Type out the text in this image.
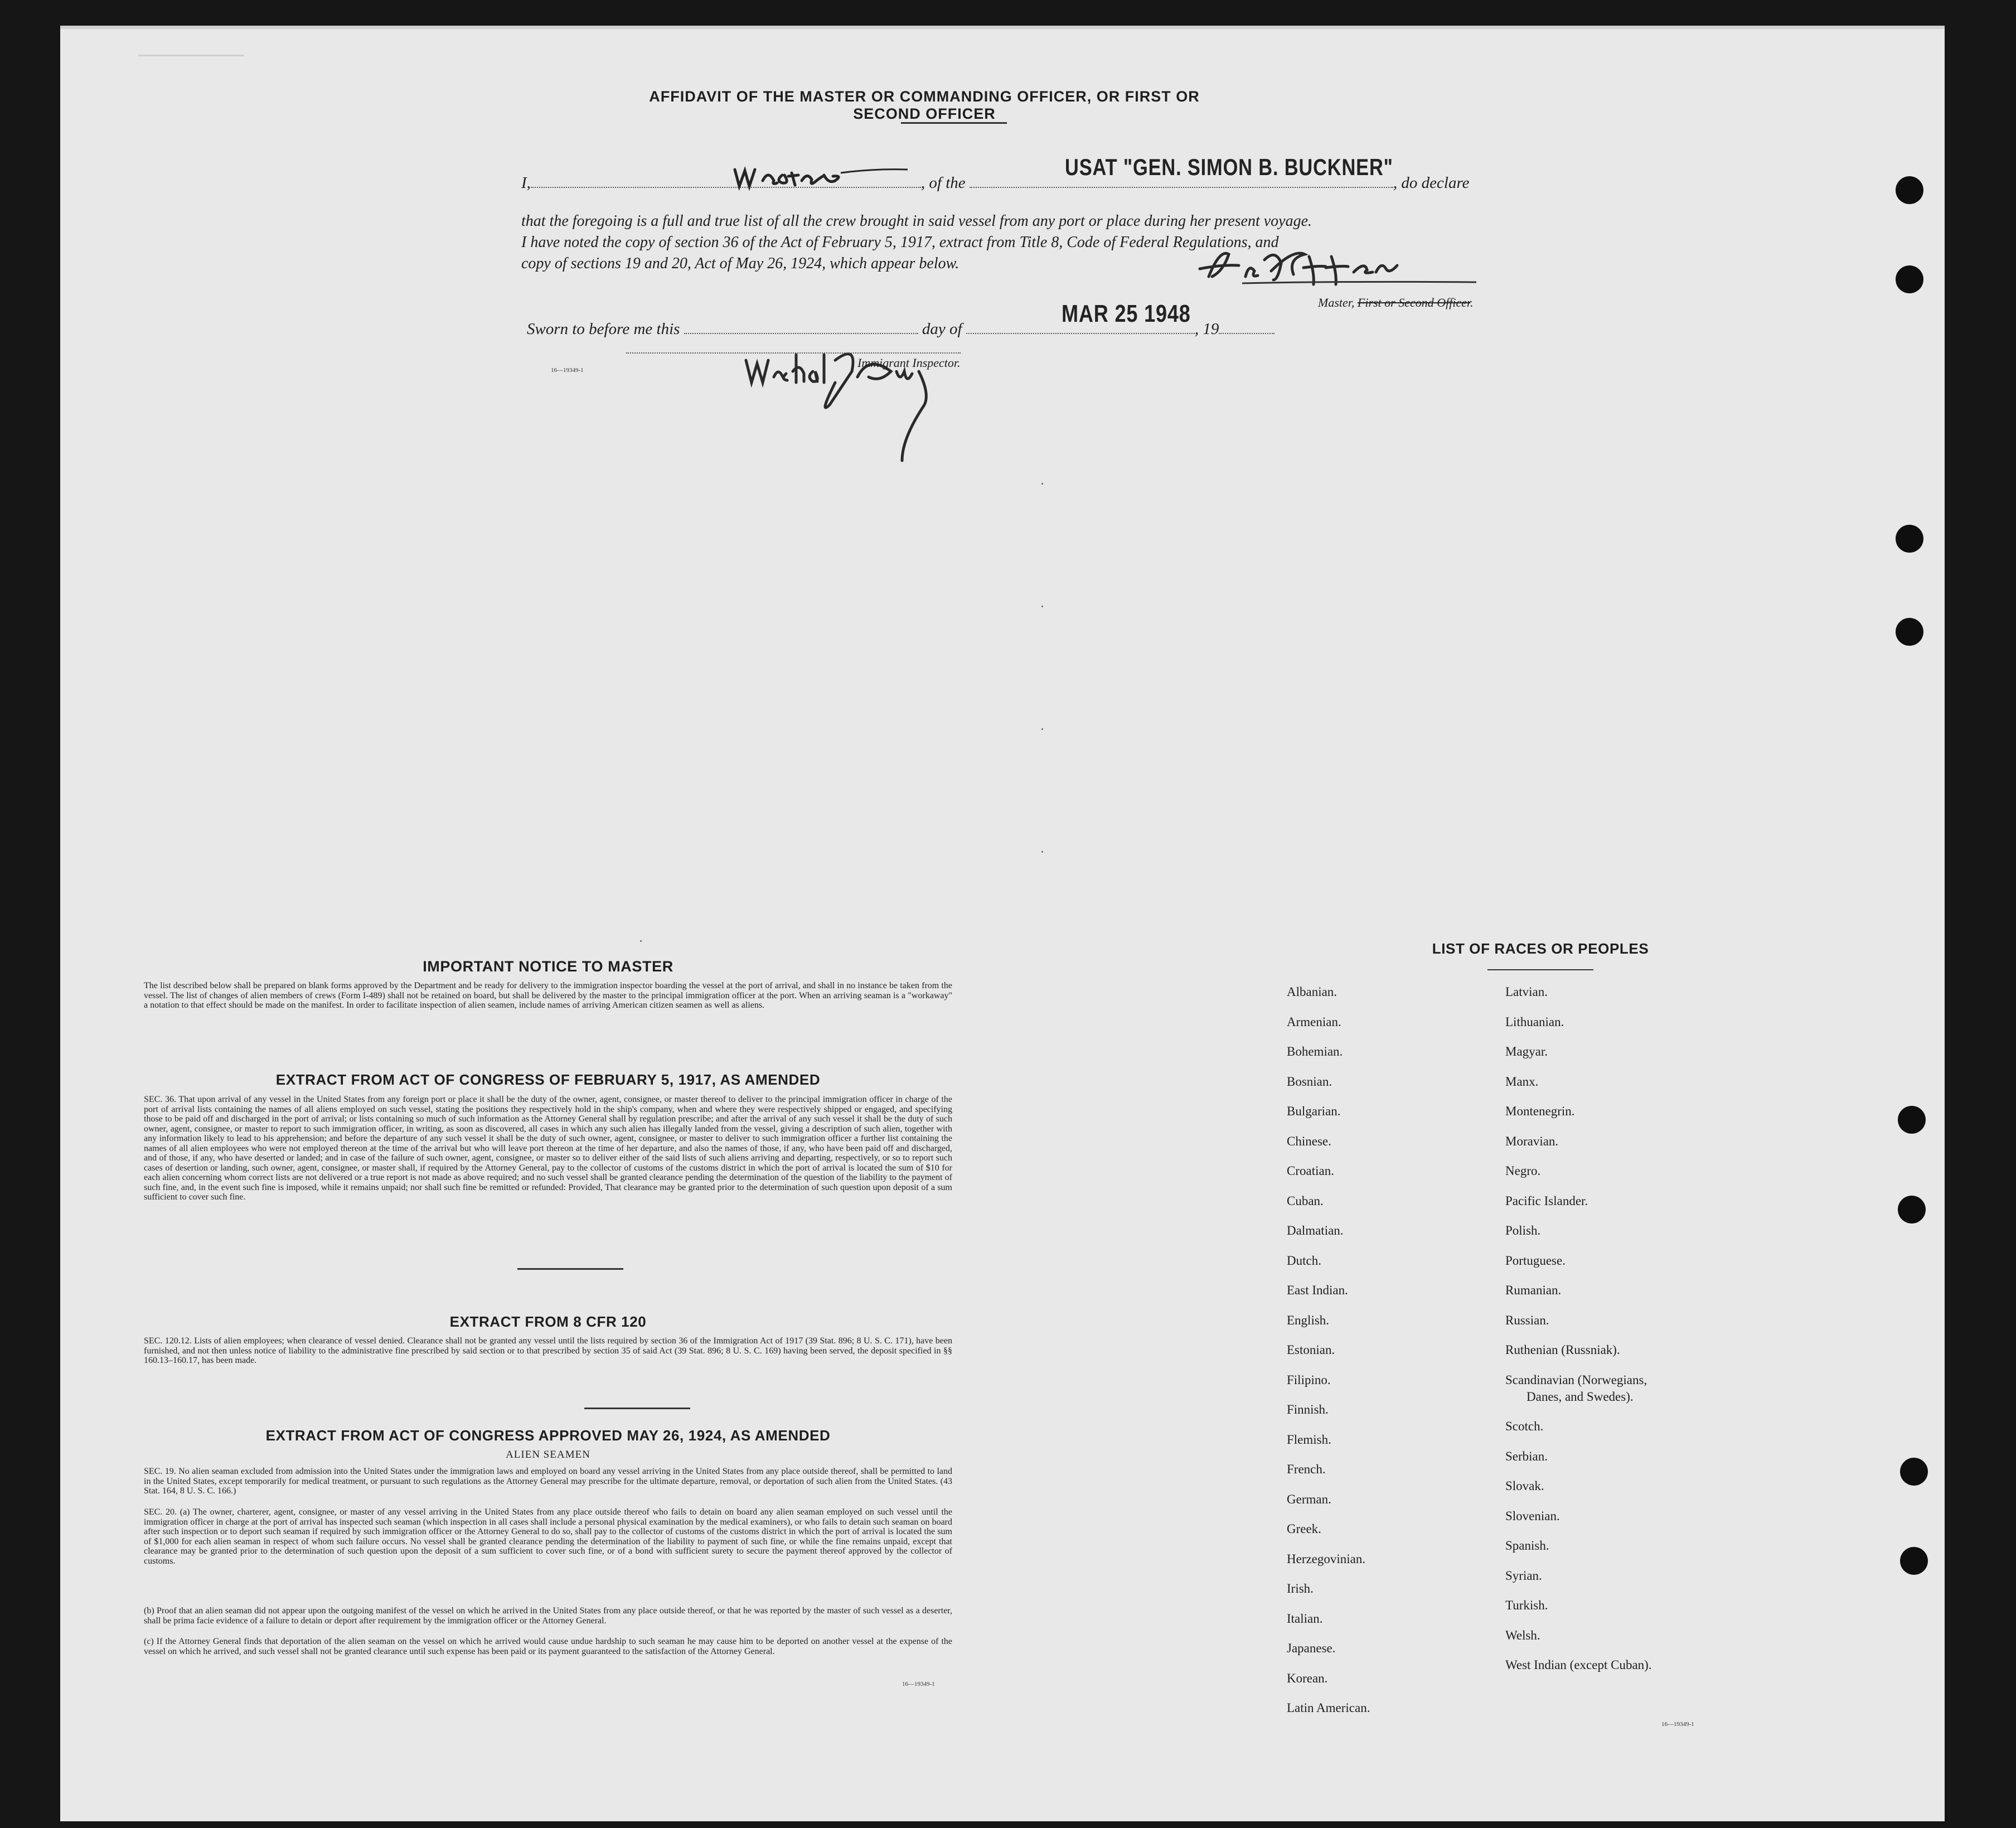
AFFIDAVIT OF THE MASTER OR COMMANDING OFFICER, OR FIRST OR SECOND OFFICER
I,	, of the	, do declare
USAT "GEN. SIMON B. BUCKNER"

that the foregoing is a full and true list of all the crew brought in said vessel from any port or place during her present voyage.

I have noted the copy of section 36 of the Act of February 5, 1917, extract from Title 8, Code of Federal Regulations, and

copy of sections 19 and 20, Act of May 26, 1924, which appear below.

Master, First or Second Officer.
Sworn to before me this	day of	, 19
MAR 25 1948
16—19349-1
Immigrant Inspector.
IMPORTANT NOTICE TO MASTER

The list described below shall be prepared on blank forms approved by the Department and be ready for delivery to the immigration inspector boarding the vessel at the port of arrival, and shall in no instance be taken from the vessel. The list of changes of alien members of crews (Form I-489) shall not be retained on board, but shall be delivered by the master to the principal immigration officer at the port. When an arriving seaman is a "workaway" a notation to that effect should be made on the manifest. In order to facilitate inspection of alien seamen, include names of arriving American citizen seamen as well as aliens.

EXTRACT FROM ACT OF CONGRESS OF FEBRUARY 5, 1917, AS AMENDED

SEC. 36. That upon arrival of any vessel in the United States from any foreign port or place it shall be the duty of the owner, agent, consignee, or master thereof to deliver to the principal immigration officer in charge of the port of arrival lists containing the names of all aliens employed on such vessel, stating the positions they respectively hold in the ship's company, when and where they were respectively shipped or engaged, and specifying those to be paid off and discharged in the port of arrival; or lists containing so much of such information as the Attorney General shall by regulation prescribe; and after the arrival of any such vessel it shall be the duty of such owner, agent, consignee, or master to report to such immigration officer, in writing, as soon as discovered, all cases in which any such alien has illegally landed from the vessel, giving a description of such alien, together with any information likely to lead to his apprehension; and before the departure of any such vessel it shall be the duty of such owner, agent, consignee, or master to deliver to such immigration officer a further list containing the names of all alien employees who were not employed thereon at the time of the arrival but who will leave port thereon at the time of her departure, and also the names of those, if any, who have been paid off and discharged, and of those, if any, who have deserted or landed; and in case of the failure of such owner, agent, consignee, or master so to deliver either of the said lists of such aliens arriving and departing, respectively, or so to report such cases of desertion or landing, such owner, agent, consignee, or master shall, if required by the Attorney General, pay to the collector of customs of the customs district in which the port of arrival is located the sum of $10 for each alien concerning whom correct lists are not delivered or a true report is not made as above required; and no such vessel shall be granted clearance pending the determination of the question of the liability to the payment of such fine, and, in the event such fine is imposed, while it remains unpaid; nor shall such fine be remitted or refunded: Provided, That clearance may be granted prior to the determination of such question upon deposit of a sum sufficient to cover such fine.

EXTRACT FROM 8 CFR 120

SEC. 120.12. Lists of alien employees; when clearance of vessel denied. Clearance shall not be granted any vessel until the lists required by section 36 of the Immigration Act of 1917 (39 Stat. 896; 8 U. S. C. 171), have been furnished, and not then unless notice of liability to the administrative fine prescribed by said section or to that prescribed by section 35 of said Act (39 Stat. 896; 8 U. S. C. 169) having been served, the deposit specified in §§ 160.13–160.17, has been made.

EXTRACT FROM ACT OF CONGRESS APPROVED MAY 26, 1924, AS AMENDED
ALIEN SEAMEN

SEC. 19. No alien seaman excluded from admission into the United States under the immigration laws and employed on board any vessel arriving in the United States from any place outside thereof, shall be permitted to land in the United States, except temporarily for medical treatment, or pursuant to such regulations as the Attorney General may prescribe for the ultimate departure, removal, or deportation of such alien from the United States. (43 Stat. 164, 8 U. S. C. 166.)

SEC. 20. (a) The owner, charterer, agent, consignee, or master of any vessel arriving in the United States from any place outside thereof who fails to detain on board any alien seaman employed on such vessel until the immigration officer in charge at the port of arrival has inspected such seaman (which inspection in all cases shall include a personal physical examination by the medical examiners), or who fails to detain such seaman on board after such inspection or to deport such seaman if required by such immigration officer or the Attorney General to do so, shall pay to the collector of customs of the customs district in which the port of arrival is located the sum of $1,000 for each alien seaman in respect of whom such failure occurs. No vessel shall be granted clearance pending the determination of the liability to payment of such fine, or while the fine remains unpaid, except that clearance may be granted prior to the determination of such question upon the deposit of a sum sufficient to cover such fine, or of a bond with sufficient surety to secure the payment thereof approved by the collector of customs.

(b) Proof that an alien seaman did not appear upon the outgoing manifest of the vessel on which he arrived in the United States from any place outside thereof, or that he was reported by the master of such vessel as a deserter, shall be prima facie evidence of a failure to detain or deport after requirement by the immigration officer or the Attorney General.

(c) If the Attorney General finds that deportation of the alien seaman on the vessel on which he arrived would cause undue hardship to such seaman he may cause him to be deported on another vessel at the expense of the vessel on which he arrived, and such vessel shall not be granted clearance until such expense has been paid or its payment guaranteed to the satisfaction of the Attorney General.

16—19349-1
LIST OF RACES OR PEOPLES
Albanian.
Armenian.
Bohemian.
Bosnian.
Bulgarian.
Chinese.
Croatian.
Cuban.
Dalmatian.
Dutch.
East Indian.
English.
Estonian.
Filipino.
Finnish.
Flemish.
French.
German.
Greek.
Herzegovinian.
Irish.
Italian.
Japanese.
Korean.
Latin American.
Latvian.
Lithuanian.
Magyar.
Manx.
Montenegrin.
Moravian.
Negro.
Pacific Islander.
Polish.
Portuguese.
Rumanian.
Russian.
Ruthenian (Russniak).
Scandinavian (Norwegians,
Danes, and Swedes).
Scotch.
Serbian.
Slovak.
Slovenian.
Spanish.
Syrian.
Turkish.
Welsh.
West Indian (except Cuban).
16—19349-1
